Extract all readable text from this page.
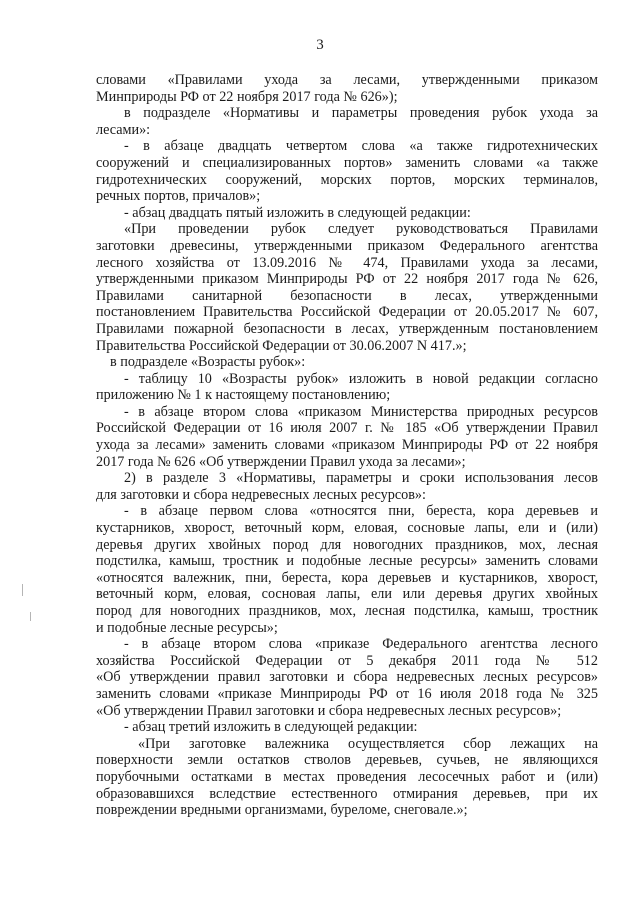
3
словами «Правилами ухода за лесами, утвержденными приказом
Минприроды РФ от 22 ноября 2017 года № 626»);
в подразделе «Нормативы и параметры проведения рубок ухода за
лесами»:
- в абзаце двадцать четвертом слова «а также гидротехнических
сооружений и специализированных портов» заменить словами «а также
гидротехнических сооружений, морских портов, морских терминалов,
речных портов, причалов»;
- абзац двадцать пятый изложить в следующей редакции:
«При проведении рубок следует руководствоваться Правилами
заготовки древесины, утвержденными приказом Федерального агентства
лесного хозяйства от 13.09.2016 № 474, Правилами ухода за лесами,
утвержденными приказом Минприроды РФ от 22 ноября 2017 года № 626,
Правилами санитарной безопасности в лесах, утвержденными
постановлением Правительства Российской Федерации от 20.05.2017 № 607,
Правилами пожарной безопасности в лесах, утвержденным постановлением
Правительства Российской Федерации от 30.06.2007 N 417.»;
в подразделе «Возрасты рубок»:
- таблицу 10 «Возрасты рубок» изложить в новой редакции согласно
приложению № 1 к настоящему постановлению;
- в абзаце втором слова «приказом Министерства природных ресурсов
Российской Федерации от 16 июля 2007 г. № 185 «Об утверждении Правил
ухода за лесами» заменить словами «приказом Минприроды РФ от 22 ноября
2017 года № 626 «Об утверждении Правил ухода за лесами»;
2) в разделе 3 «Нормативы, параметры и сроки использования лесов
для заготовки и сбора недревесных лесных ресурсов»:
- в абзаце первом слова «относятся пни, береста, кора деревьев и
кустарников, хворост, веточный корм, еловая, сосновые лапы, ели и (или)
деревья других хвойных пород для новогодних праздников, мох, лесная
подстилка, камыш, тростник и подобные лесные ресурсы» заменить словами
«относятся валежник, пни, береста, кора деревьев и кустарников, хворост,
веточный корм, еловая, сосновая лапы, ели или деревья других хвойных
пород для новогодних праздников, мох, лесная подстилка, камыш, тростник
и подобные лесные ресурсы»;
- в абзаце втором слова «приказе Федерального агентства лесного
хозяйства Российской Федерации от 5 декабря 2011 года № 512
«Об утверждении правил заготовки и сбора недревесных лесных ресурсов»
заменить словами «приказе Минприроды РФ от 16 июля 2018 года № 325
«Об утверждении Правил заготовки и сбора недревесных лесных ресурсов»;
- абзац третий изложить в следующей редакции:
«При заготовке валежника осуществляется сбор лежащих на
поверхности земли остатков стволов деревьев, сучьев, не являющихся
порубочными остатками в местах проведения лесосечных работ и (или)
образовавшихся вследствие естественного отмирания деревьев, при их
повреждении вредными организмами, буреломе, снеговале.»;
